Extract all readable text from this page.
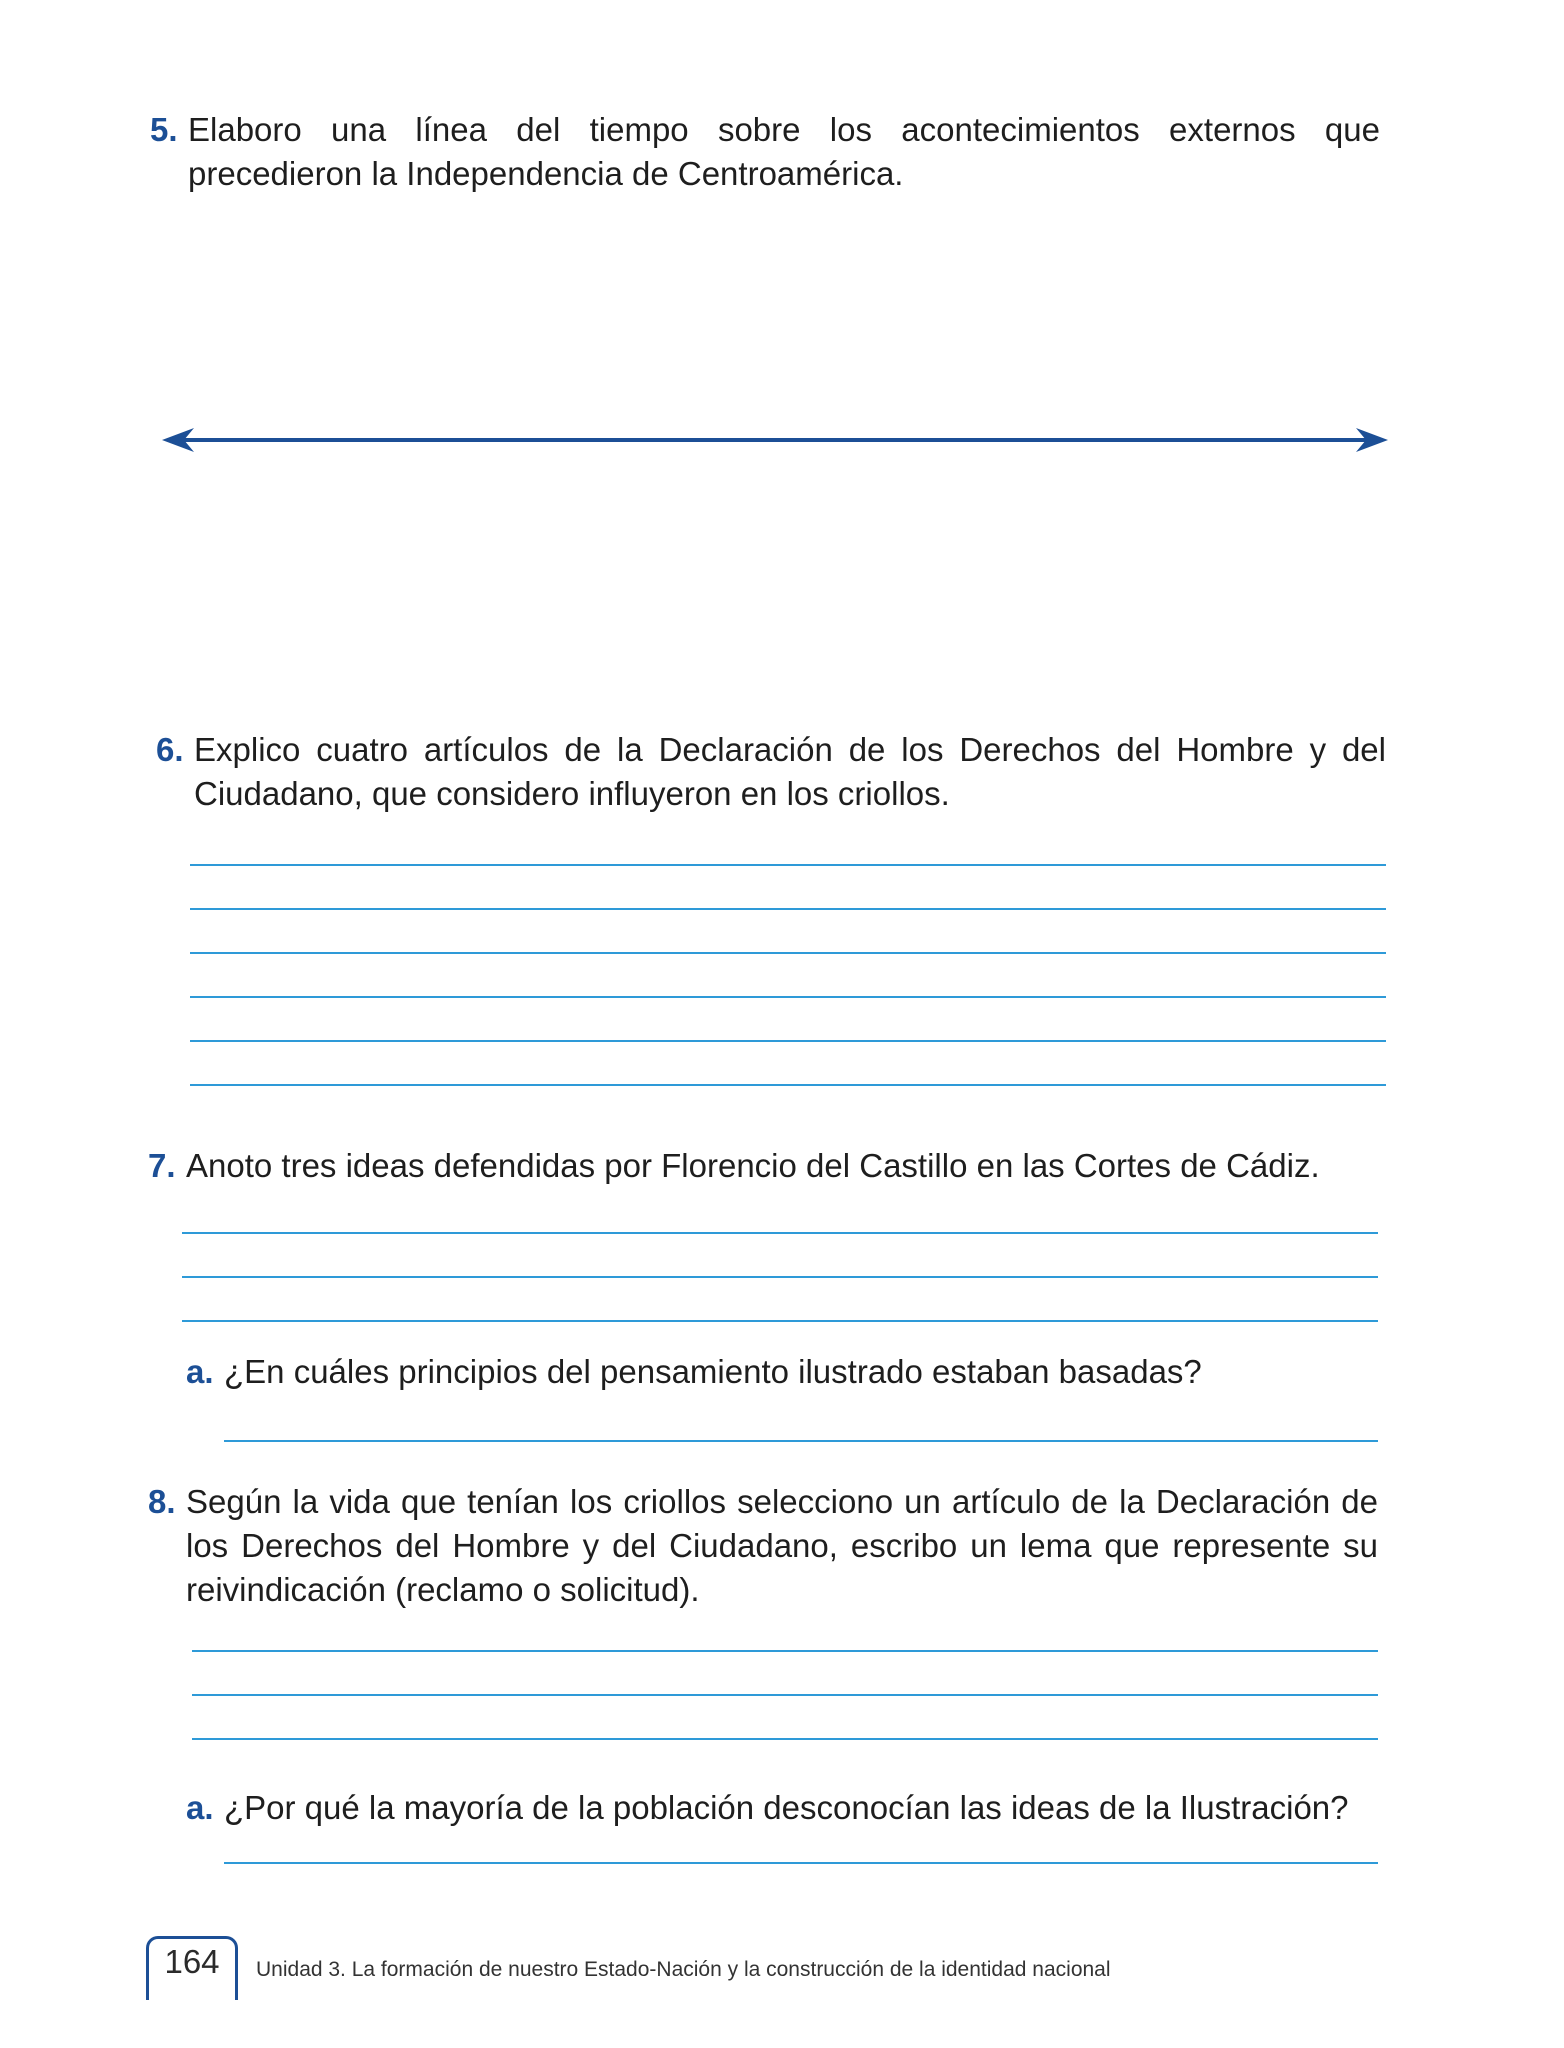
5. Elaboro una línea del tiempo sobre los acontecimientos externos que precedieron la Independencia de Centroamérica.
6. Explico cuatro artículos de la Declaración de los Derechos del Hombre y del Ciudadano, que considero influyeron en los criollos.
7. Anoto tres ideas defendidas por Florencio del Castillo en las Cortes de Cádiz.
a. ¿En cuáles principios del pensamiento ilustrado estaban basadas?
8. Según la vida que tenían los criollos selecciono un artículo de la Declaración de los Derechos del Hombre y del Ciudadano, escribo un lema que represente su reivindicación (reclamo o solicitud).
a. ¿Por qué la mayoría de la población desconocían las ideas de la Ilustración?
164	Unidad 3. La formación de nuestro Estado-Nación y la construcción de la identidad nacional
